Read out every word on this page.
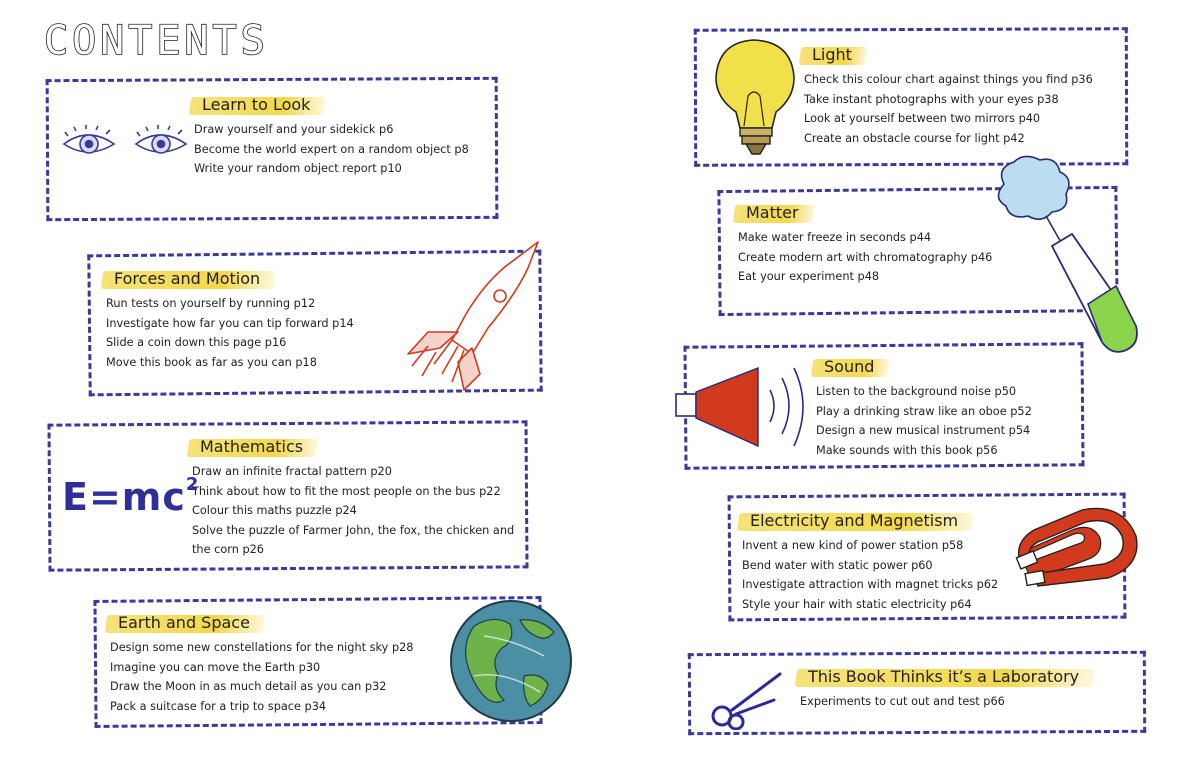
CONTENTS
Learn to Look
Draw yourself and your sidekick p6
Become the world expert on a random object p8
Write your random object report p10
Forces and Motion
Run tests on yourself by running p12
Investigate how far you can tip forward p14
Slide a coin down this page p16
Move this book as far as you can p18
Mathematics
Draw an infinite fractal pattern p20
Think about how to fit the most people on the bus p22
Colour this maths puzzle p24
Solve the puzzle of Farmer John, the fox, the chicken and the corn p26
Earth and Space
Design some new constellations for the night sky p28
Imagine you can move the Earth p30
Draw the Moon in as much detail as you can p32
Pack a suitcase for a trip to space p34
Light
Check this colour chart against things you find p36
Take instant photographs with your eyes p38
Look at yourself between two mirrors p40
Create an obstacle course for light p42
Matter
Make water freeze in seconds p44
Create modern art with chromatography p46
Eat your experiment p48
Sound
Listen to the background noise p50
Play a drinking straw like an oboe p52
Design a new musical instrument p54
Make sounds with this book p56
Electricity and Magnetism
Invent a new kind of power station p58
Bend water with static power p60
Investigate attraction with magnet tricks p62
Style your hair with static electricity p64
This Book Thinks it’s a Laboratory
Experiments to cut out and test p66
$E=mc^2$
